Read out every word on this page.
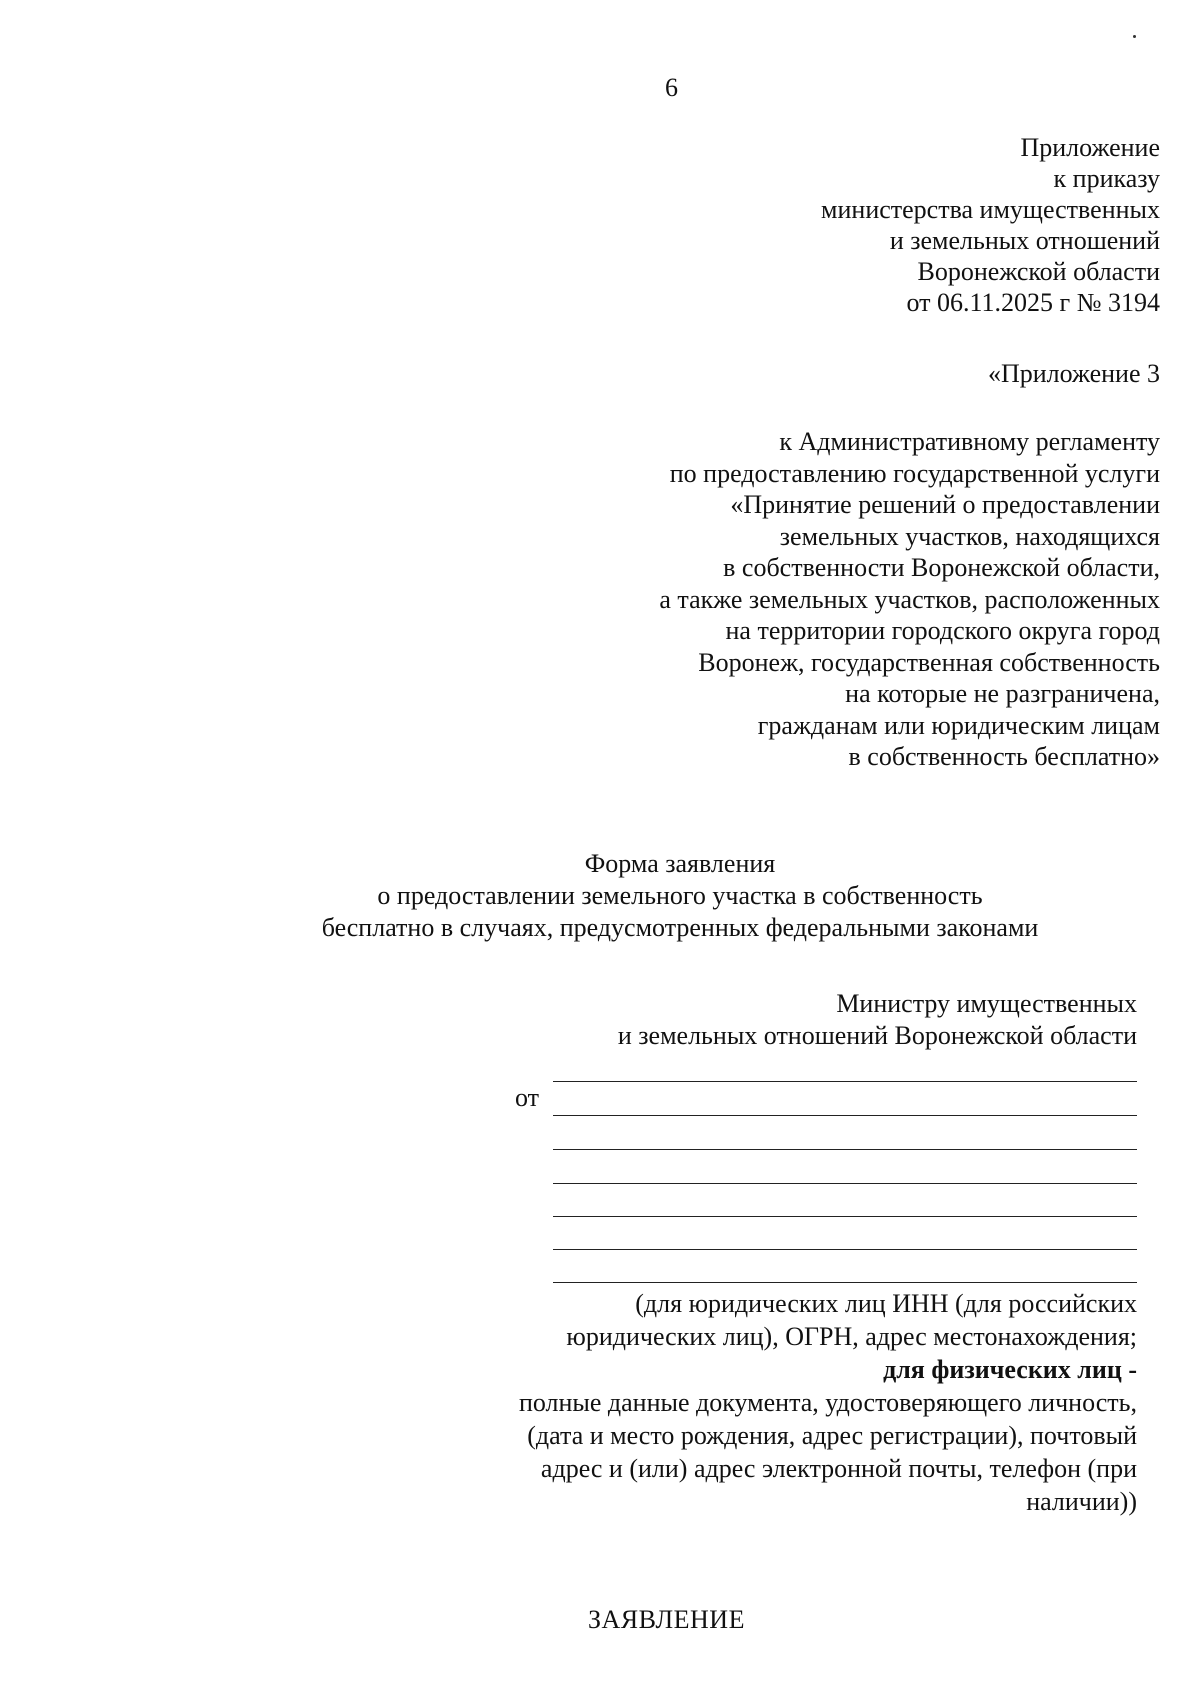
6
Приложение
к приказу
министерства имущественных
и земельных отношений
Воронежской области
от 06.11.2025 г № 3194
«Приложение 3
к Административному регламенту
по предоставлению государственной услуги
«Принятие решений о предоставлении
земельных участков, находящихся
в собственности Воронежской области,
а также земельных участков, расположенных
на территории городского округа город
Воронеж, государственная собственность
на которые не разграничена,
гражданам или юридическим лицам
в собственность бесплатно»
Форма заявления
о предоставлении земельного участка в собственность
бесплатно в случаях, предусмотренных федеральными законами
Министру имущественных
и земельных отношений Воронежской области
от
(для юридических лиц ИНН (для российских
юридических лиц), ОГРН, адрес местонахождения;
для физических лиц -
полные данные документа, удостоверяющего личность,
(дата и место рождения, адрес регистрации), почтовый
адрес и (или) адрес электронной почты, телефон (при
наличии))
ЗАЯВЛЕНИЕ
